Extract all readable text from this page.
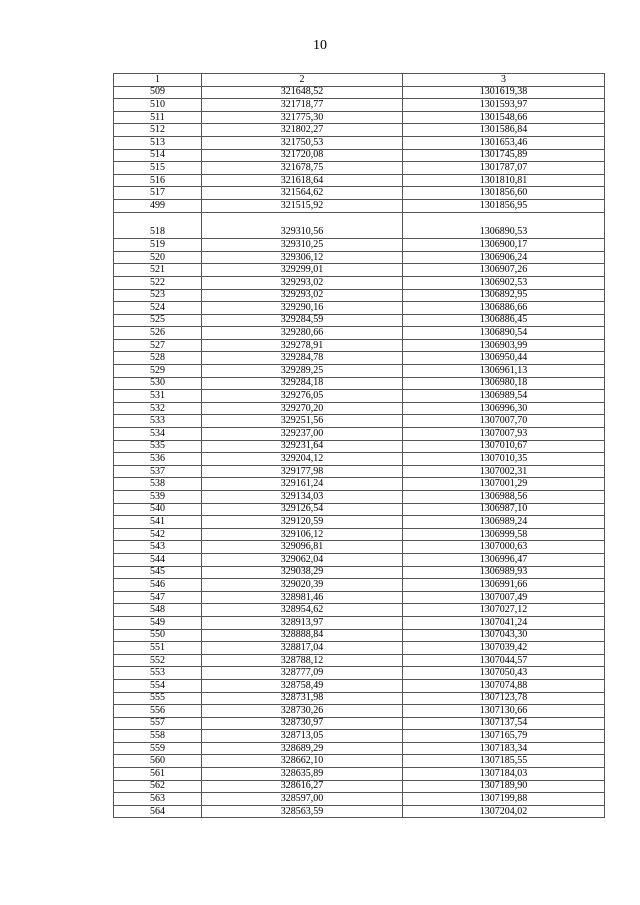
10
1	2	3
509	321648,52	1301619,38
510	321718,77	1301593,97
511	321775,30	1301548,66
512	321802,27	1301586,84
513	321750,53	1301653,46
514	321720,08	1301745,89
515	321678,75	1301787,07
516	321618,64	1301810,81
517	321564,62	1301856,60
499	321515,92	1301856,95

518	329310,56	1306890,53
519	329310,25	1306900,17
520	329306,12	1306906,24
521	329299,01	1306907,26
522	329293,02	1306902,53
523	329293,02	1306892,95
524	329290,16	1306886,66
525	329284,59	1306886,45
526	329280,66	1306890,54
527	329278,91	1306903,99
528	329284,78	1306950,44
529	329289,25	1306961,13
530	329284,18	1306980,18
531	329276,05	1306989,54
532	329270,20	1306996,30
533	329251,56	1307007,70
534	329237,00	1307007,93
535	329231,64	1307010,67
536	329204,12	1307010,35
537	329177,98	1307002,31
538	329161,24	1307001,29
539	329134,03	1306988,56
540	329126,54	1306987,10
541	329120,59	1306989,24
542	329106,12	1306999,58
543	329096,81	1307000,63
544	329062,04	1306996,47
545	329038,29	1306989,93
546	329020,39	1306991,66
547	328981,46	1307007,49
548	328954,62	1307027,12
549	328913,97	1307041,24
550	328888,84	1307043,30
551	328817,04	1307039,42
552	328788,12	1307044,57
553	328777,09	1307050,43
554	328758,49	1307074,88
555	328731,98	1307123,78
556	328730,26	1307130,66
557	328730,97	1307137,54
558	328713,05	1307165,79
559	328689,29	1307183,34
560	328662,10	1307185,55
561	328635,89	1307184,03
562	328616,27	1307189,90
563	328597,00	1307199,88
564	328563,59	1307204,02
